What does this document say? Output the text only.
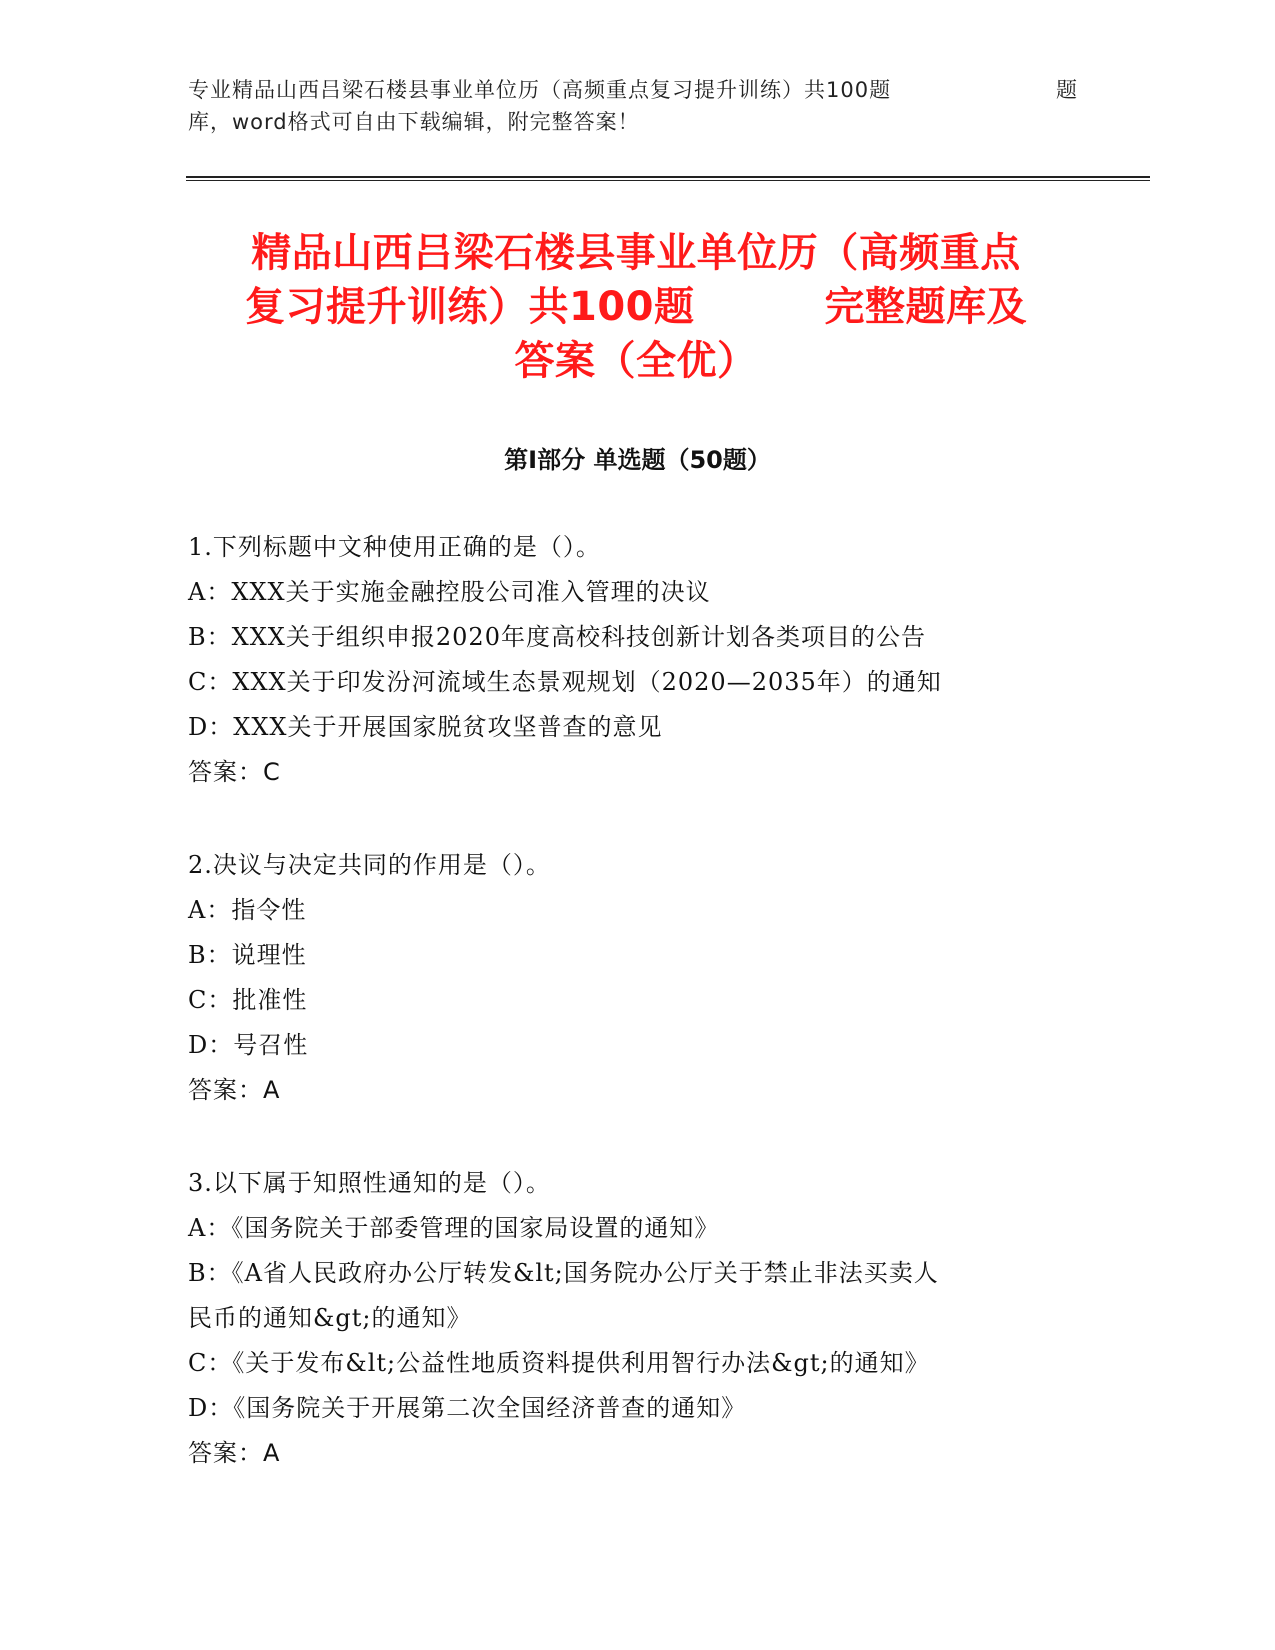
专业精品山西吕梁石楼县事业单位历（高频重点复习提升训练）共100题	题
库，word格式可自由下载编辑，附完整答案！
精品山西吕梁石楼县事业单位历（高频重点
复习提升训练）共100题	完整题库及
答案（全优）
第Ⅰ部分 单选题（50题）
1.下列标题中文种使用正确的是（）。
A：XXX关于实施金融控股公司准入管理的决议
B：XXX关于组织申报2020年度高校科技创新计划各类项目的公告
C：XXX关于印发汾河流域生态景观规划（2020—2035年）的通知
D：XXX关于开展国家脱贫攻坚普查的意见
答案：C
2.决议与决定共同的作用是（）。
A：指令性
B：说理性
C：批准性
D：号召性
答案：A
3.以下属于知照性通知的是（）。
A：《国务院关于部委管理的国家局设置的通知》
B：《A省人民政府办公厅转发&lt;国务院办公厅关于禁止非法买卖人
民币的通知&gt;的通知》
C：《关于发布&lt;公益性地质资料提供利用智行办法&gt;的通知》
D：《国务院关于开展第二次全国经济普查的通知》
答案：A
